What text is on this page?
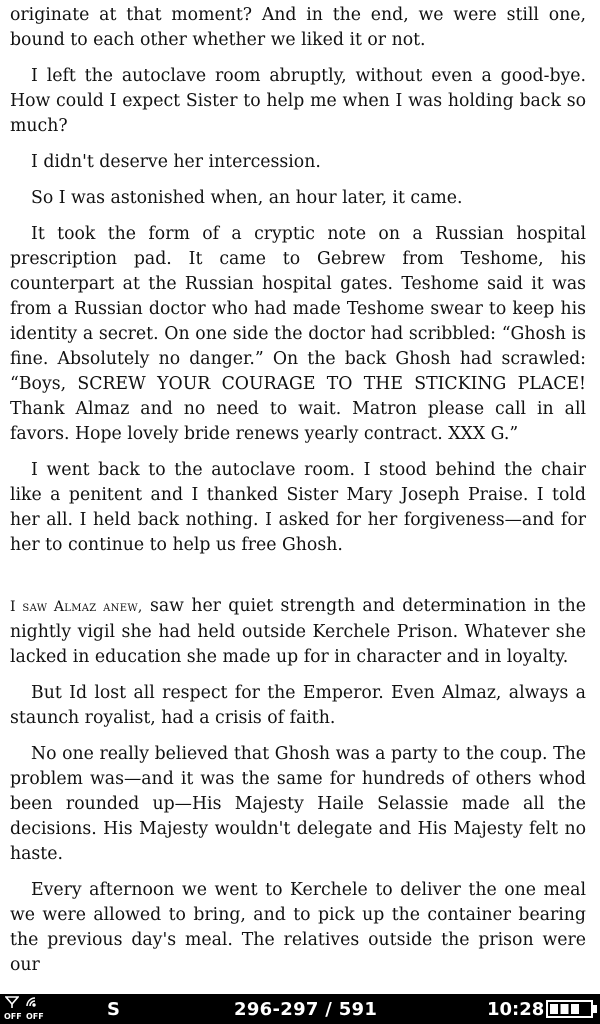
originate at that moment? And in the end, we were still one, bound to each other whether we liked it or not.

I left the autoclave room abruptly, without even a good-bye. How could I expect Sister to help me when I was holding back so much?

I didn't deserve her intercession.

So I was astonished when, an hour later, it came.

It took the form of a cryptic note on a Russian hospital prescription pad. It came to Gebrew from Teshome, his counterpart at the Russian hospital gates. Teshome said it was from a Russian doctor who had made Teshome swear to keep his identity a secret. On one side the doctor had scribbled: “Ghosh is fine. Absolutely no danger.” On the back Ghosh had scrawled: “Boys, SCREW YOUR COURAGE TO THE STICKING PLACE! Thank Almaz and no need to wait. Matron please call in all favors. Hope lovely bride renews yearly contract. XXX G.”

I went back to the autoclave room. I stood behind the chair like a penitent and I thanked Sister Mary Joseph Praise. I told her all. I held back nothing. I asked for her forgiveness—and for her to continue to help us free Ghosh.

I saw Almaz anew, saw her quiet strength and determination in the nightly vigil she had held outside Kerchele Prison. Whatever she lacked in education she made up for in character and in loyalty.

But Id lost all respect for the Emperor. Even Almaz, always a staunch royalist, had a crisis of faith.

No one really believed that Ghosh was a party to the coup. The problem was—and it was the same for hundreds of others whod been rounded up—His Majesty Haile Selassie made all the decisions. His Majesty wouldn't delegate and His Majesty felt no haste.

Every afternoon we went to Kerchele to deliver the one meal we were allowed to bring, and to pick up the container bearing the previous day's meal. The relatives outside the prison were our

OFF OFF	S	296-297 / 591	10:28
